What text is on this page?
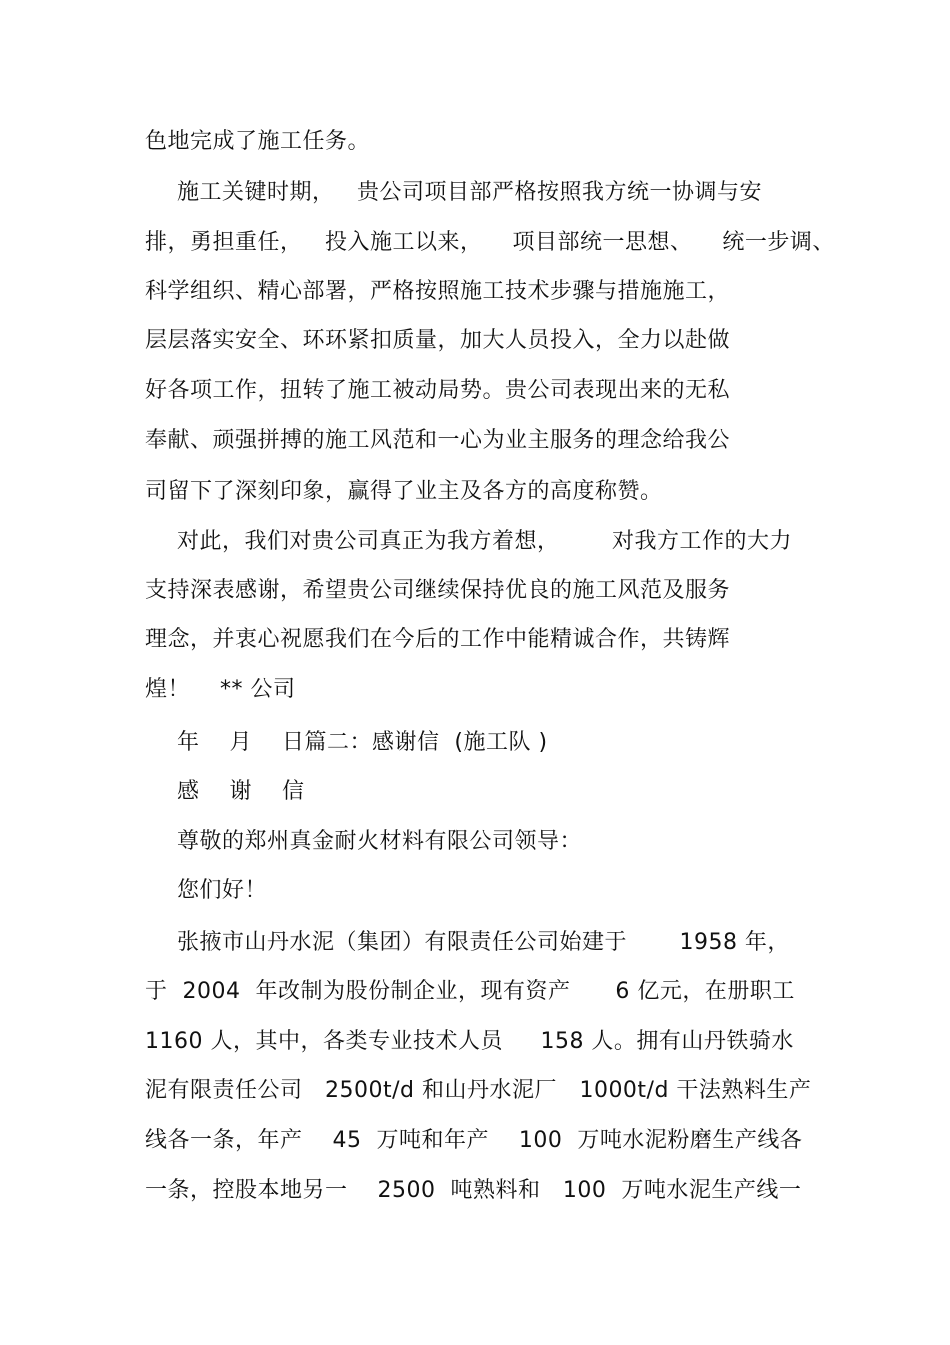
色地完成了施工任务。
施工关键时期，   贵公司项目部严格按照我方统一协调与安
排，勇担重任，   投入施工以来，    项目部统一思想、    统一步调、
科学组织、精心部署，严格按照施工技术步骤与措施施工，
层层落实安全、环环紧扣质量，加大人员投入，全力以赴做
好各项工作，扭转了施工被动局势。贵公司表现出来的无私
奉献、顽强拼搏的施工风范和一心为业主服务的理念给我公
司留下了深刻印象，赢得了业主及各方的高度称赞。
对此，我们对贵公司真正为我方着想，       对我方工作的大力
支持深表感谢，希望贵公司继续保持优良的施工风范及服务
理念，并衷心祝愿我们在今后的工作中能精诚合作，共铸辉
煌！    ** 公司
年    月    日篇二：感谢信  (施工队 )
感    谢    信
尊敬的郑州真金耐火材料有限公司领导：
您们好！
张掖市山丹水泥（集团）有限责任公司始建于       1958 年，
于  2004  年改制为股份制企业，现有资产      6 亿元，在册职工
1160 人，其中，各类专业技术人员     158 人。拥有山丹铁骑水
泥有限责任公司   2500t/d 和山丹水泥厂   1000t/d 干法熟料生产
线各一条，年产    45  万吨和年产    100  万吨水泥粉磨生产线各
一条，控股本地另一    2500  吨熟料和   100  万吨水泥生产线一
